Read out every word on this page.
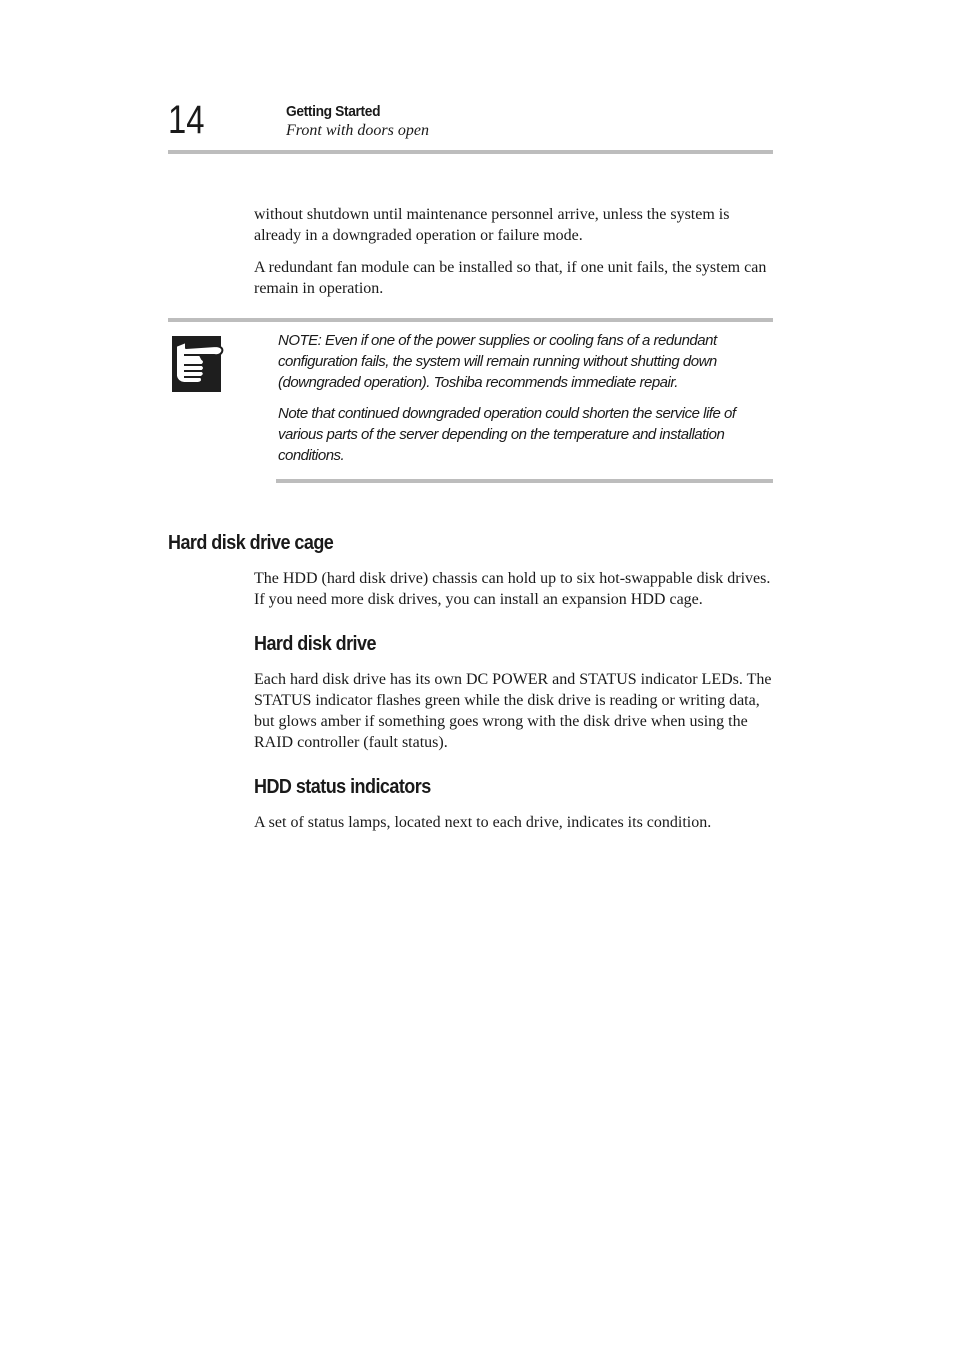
14	Getting Started
Front with doors open

without shutdown until maintenance personnel arrive, unless the system is already in a downgraded operation or failure mode.

A redundant fan module can be installed so that, if one unit fails, the system can remain in operation.

NOTE: Even if one of the power supplies or cooling fans of a redundant configuration fails, the system will remain running without shutting down (downgraded operation). Toshiba recommends immediate repair.

Note that continued downgraded operation could shorten the service life of various parts of the server depending on the temperature and installation conditions.

Hard disk drive cage

The HDD (hard disk drive) chassis can hold up to six hot-swappable disk drives. If you need more disk drives, you can install an expansion HDD cage.

Hard disk drive

Each hard disk drive has its own DC POWER and STATUS indicator LEDs. The STATUS indicator flashes green while the disk drive is reading or writing data, but glows amber if something goes wrong with the disk drive when using the RAID controller (fault status).

HDD status indicators

A set of status lamps, located next to each drive, indicates its condition.
